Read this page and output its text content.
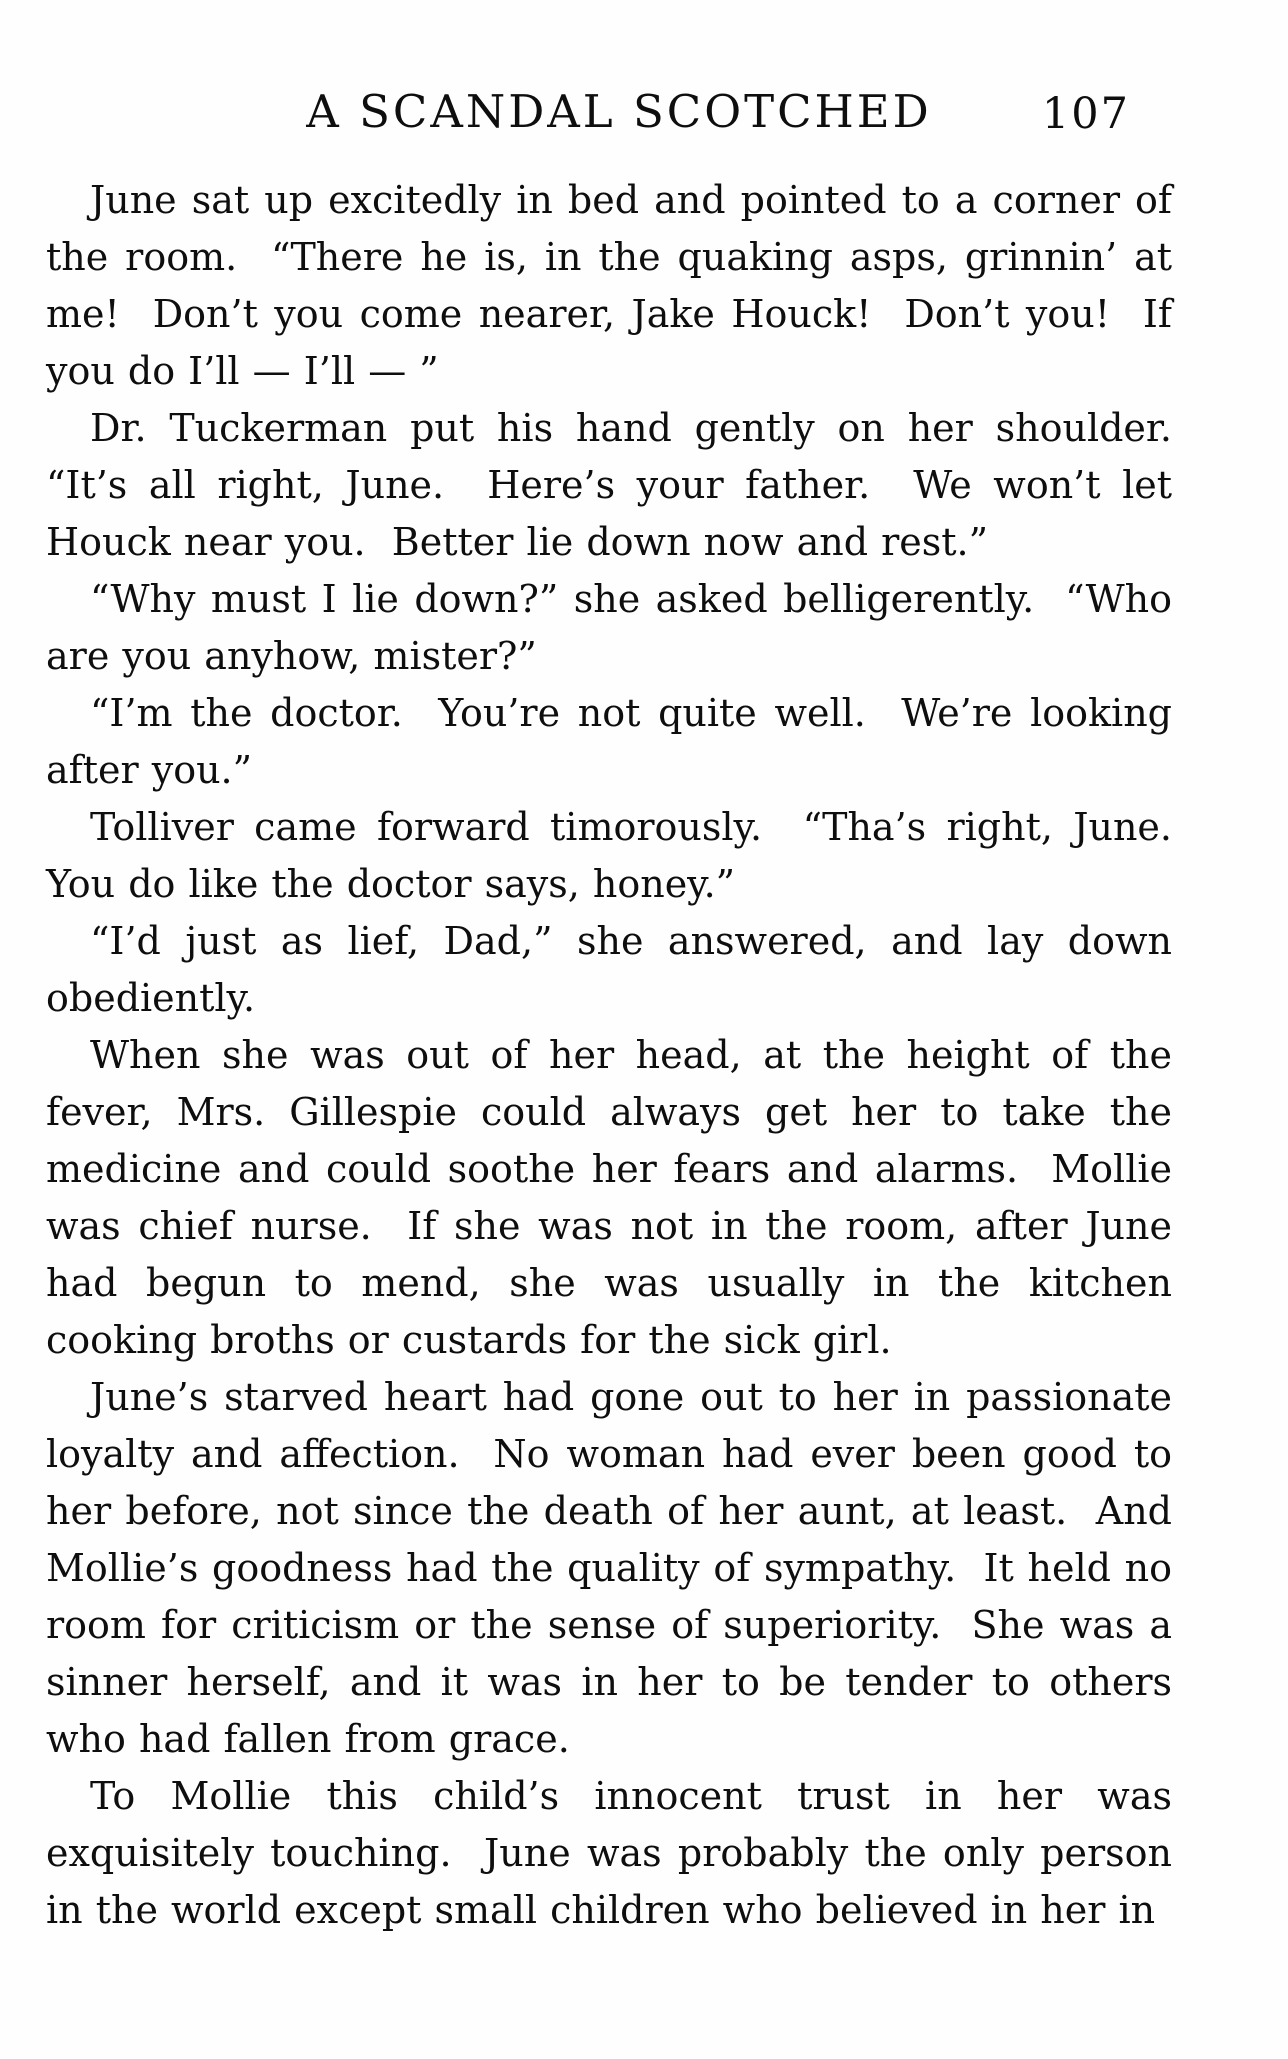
A SCANDAL SCOTCHED	107

June sat up excitedly in bed and pointed to a corner of the room.  “There he is, in the quaking asps, grinnin’ at me!  Don’t you come nearer, Jake Houck!  Don’t you!  If you do I’ll — I’ll — ”

Dr. Tuckerman put his hand gently on her shoulder.  “It’s all right, June.  Here’s your father.  We won’t let Houck near you.  Better lie down now and rest.”

“Why must I lie down?” she asked belligerently.  “Who are you anyhow, mister?”

“I’m the doctor.  You’re not quite well.  We’re looking after you.”

Tolliver came forward timorously.  “Tha’s right, June.  You do like the doctor says, honey.”

“I’d just as lief, Dad,” she answered, and lay down obediently.

When she was out of her head, at the height of the fever, Mrs. Gillespie could always get her to take the medicine and could soothe her fears and alarms.  Mollie was chief nurse.  If she was not in the room, after June had begun to mend, she was usually in the kitchen cooking broths or custards for the sick girl.

June’s starved heart had gone out to her in passionate loyalty and affection.  No woman had ever been good to her before, not since the death of her aunt, at least.  And Mollie’s goodness had the quality of sympathy.  It held no room for criticism or the sense of superiority.  She was a sinner herself, and it was in her to be tender to others who had fallen from grace.

To Mollie this child’s innocent trust in her was exquisitely touching.  June was probably the only person in the world except small children who believed in her in
